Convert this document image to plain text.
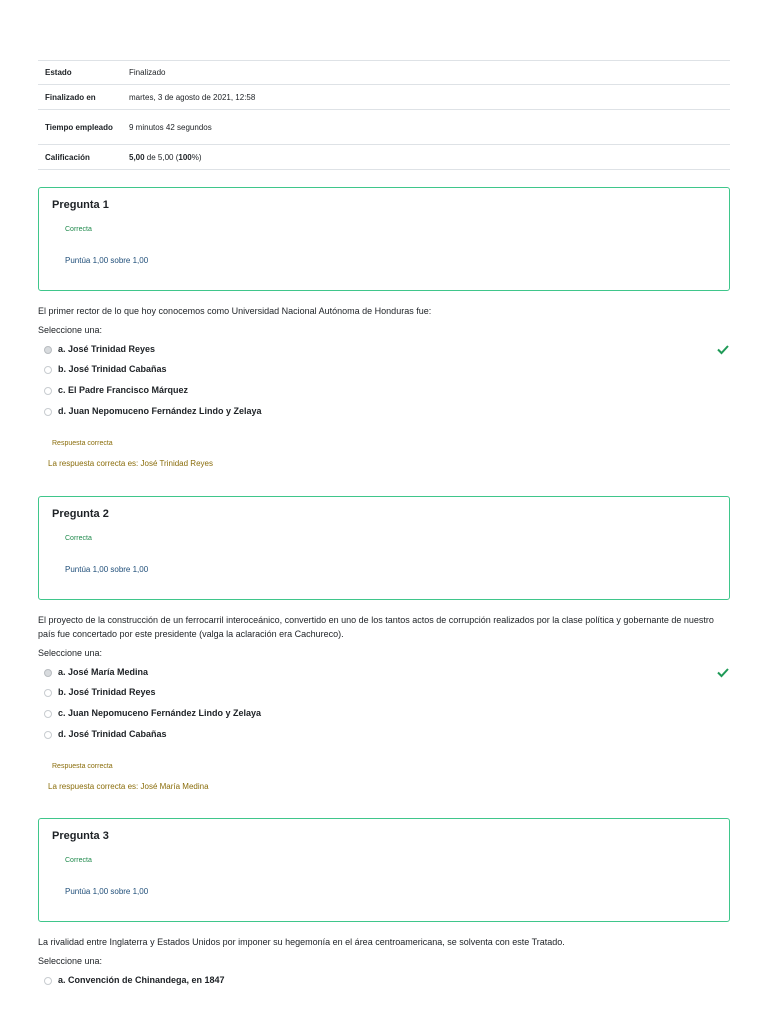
Estado	Finalizado
Finalizado en	martes, 3 de agosto de 2021, 12:58
Tiempo empleado	9 minutos 42 segundos
Calificación	5,00 de 5,00 (100%)
Pregunta 1
Correcta
Puntúa 1,00 sobre 1,00
El primer rector de lo que hoy conocemos como Universidad Nacional Autónoma de Honduras fue:
Seleccione una:
a. José Trinidad Reyes
b. José Trinidad Cabañas
c. El Padre Francisco Márquez
d. Juan Nepomuceno Fernández Lindo y Zelaya
Respuesta correcta
La respuesta correcta es: José Trinidad Reyes
Pregunta 2
Correcta
Puntúa 1,00 sobre 1,00
El proyecto de la construcción de un ferrocarril interoceánico, convertido en uno de los tantos actos de corrupción realizados por la clase política y gobernante de nuestro país fue concertado por este presidente (valga la aclaración era Cachureco).
Seleccione una:
a. José María Medina
b. José Trinidad Reyes
c. Juan Nepomuceno Fernández Lindo y Zelaya
d. José Trinidad Cabañas
Respuesta correcta
La respuesta correcta es: José María Medina
Pregunta 3
Correcta
Puntúa 1,00 sobre 1,00
La rivalidad entre Inglaterra y Estados Unidos por imponer su hegemonía en el área centroamericana, se solventa con este Tratado.
Seleccione una:
a. Convención de Chinandega, en 1847
